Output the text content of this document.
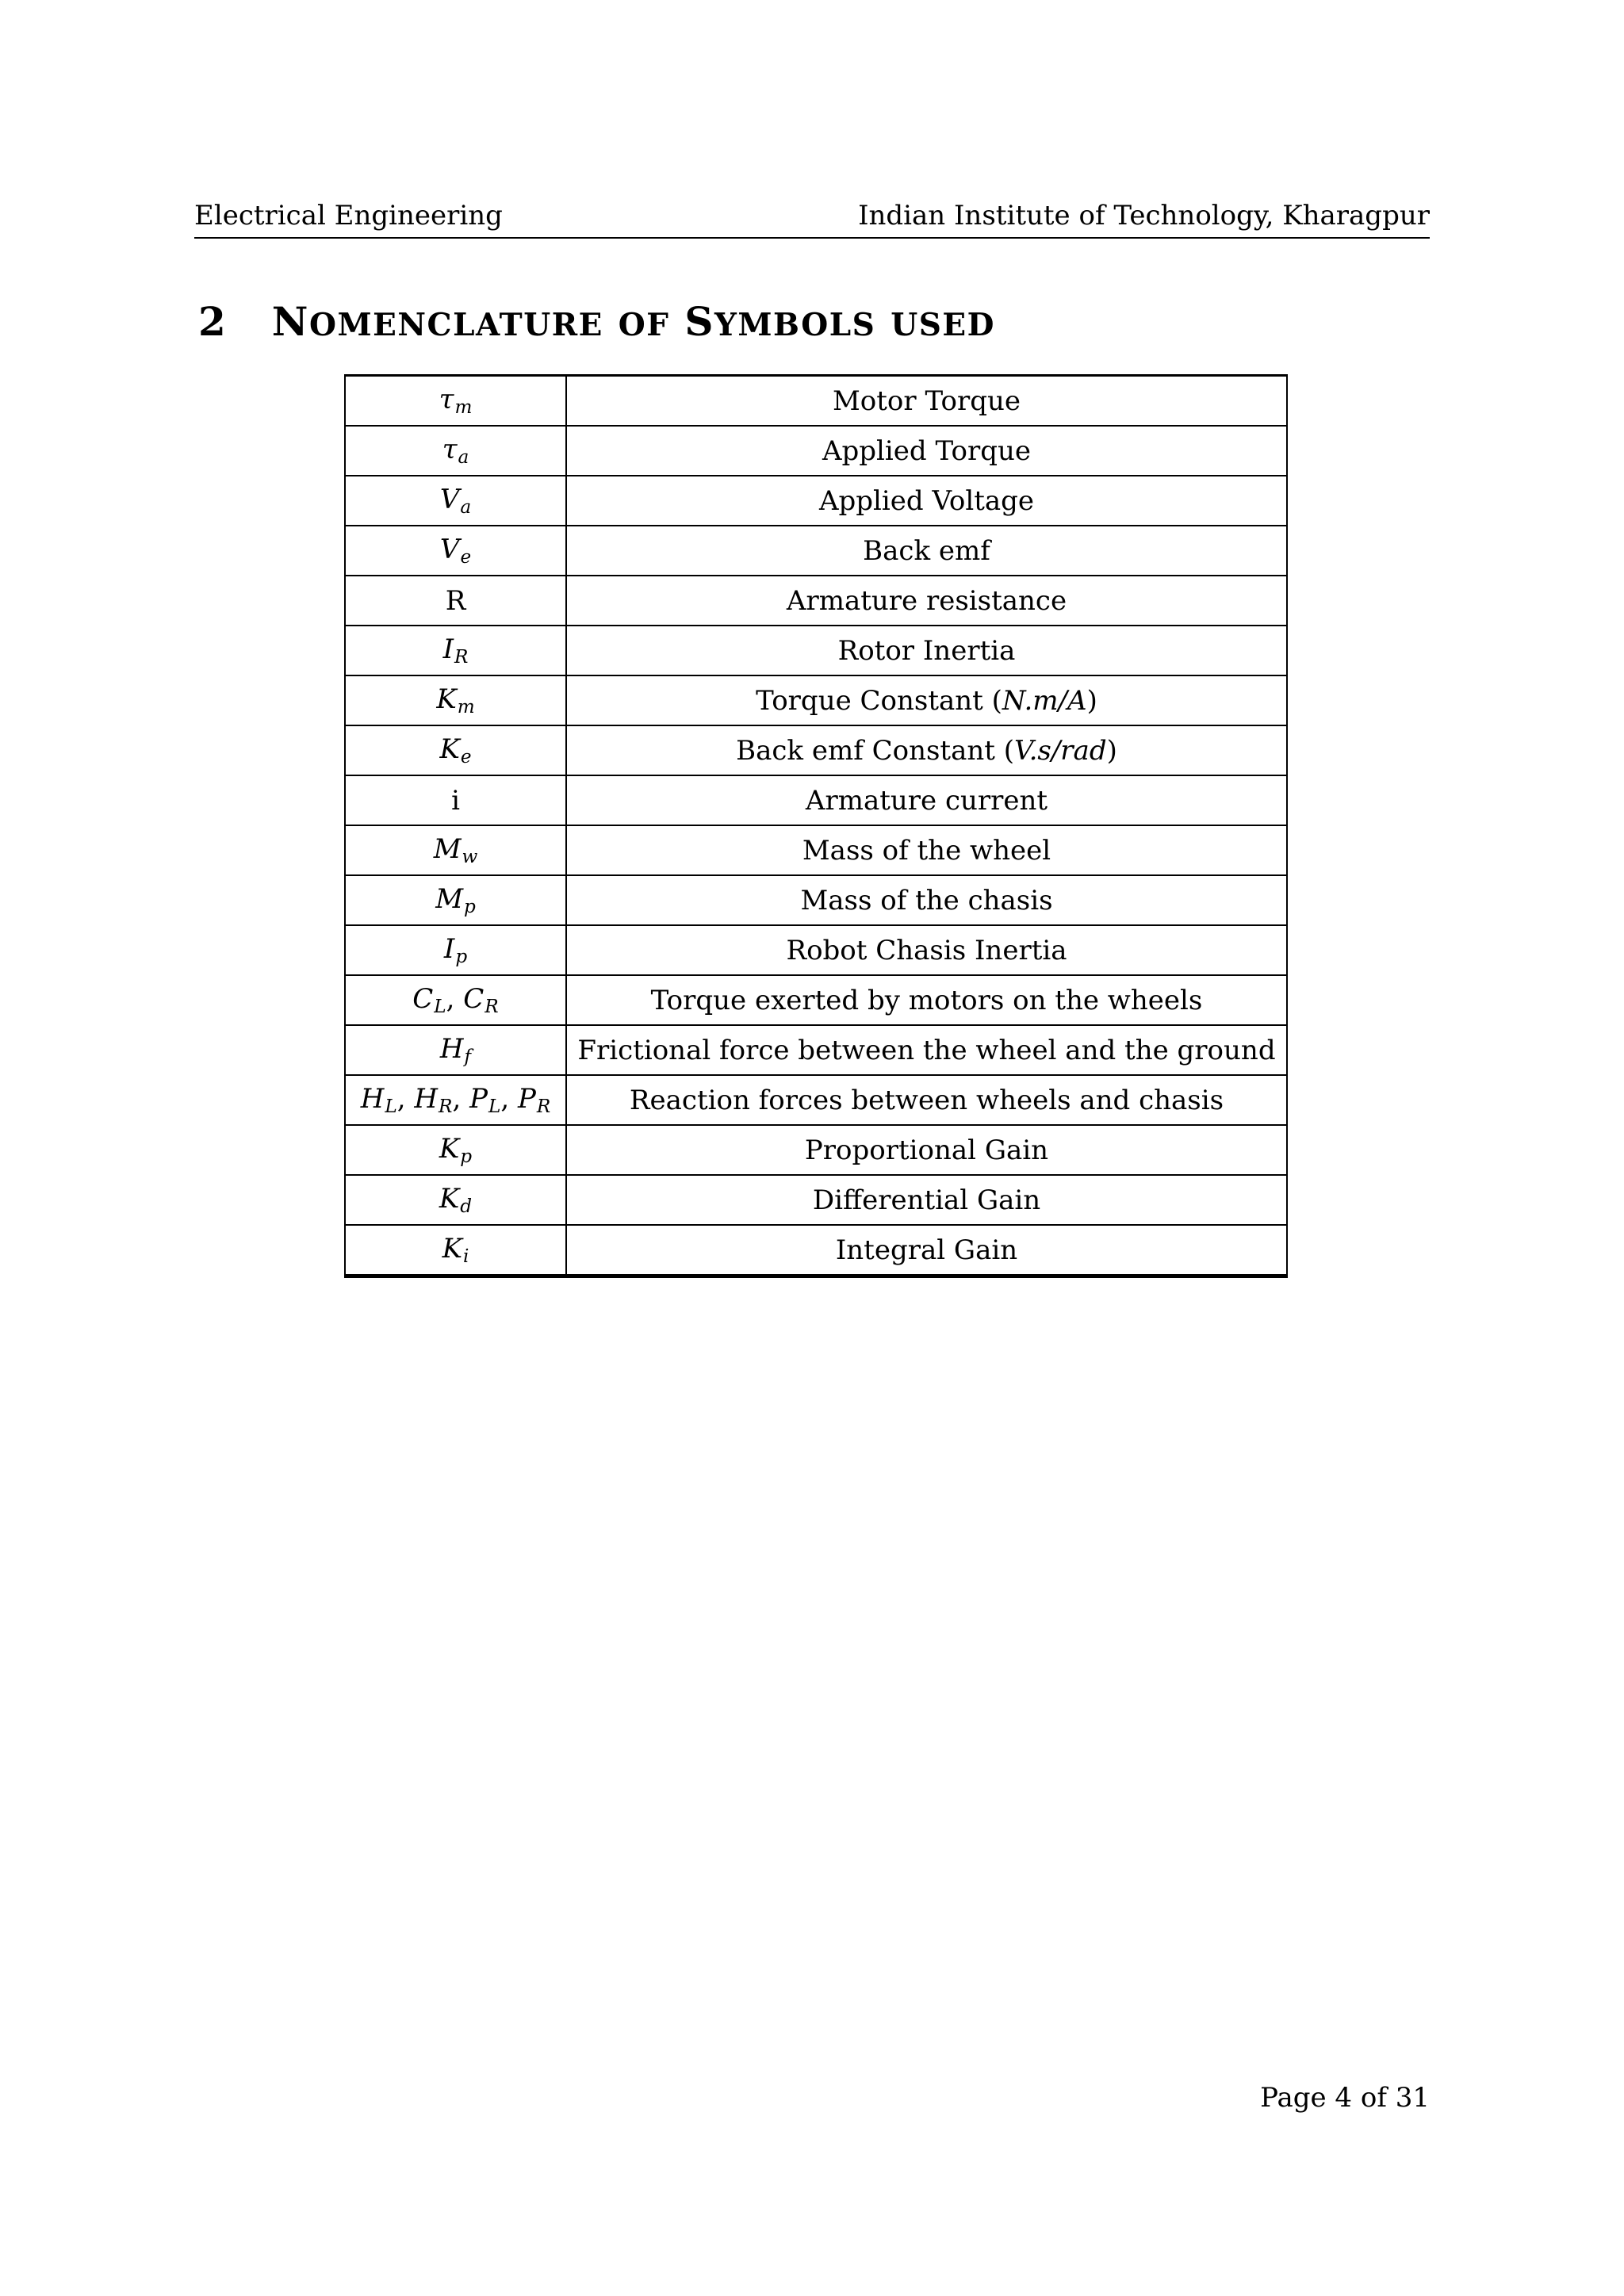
Electrical Engineering	Indian Institute of Technology, Kharagpur
2 NOMENCLATURE OF SYMBOLS USED
$\tau_m$	Motor Torque
$\tau_a$	Applied Torque
$V_a$	Applied Voltage
$V_e$	Back emf
R	Armature resistance
$I_R$	Rotor Inertia
$K_m$	Torque Constant (N.m/A)
$K_e$	Back emf Constant (V.s/rad)
i	Armature current
$M_w$	Mass of the wheel
$M_p$	Mass of the chasis
$I_p$	Robot Chasis Inertia
$C_L$, $C_R$	Torque exerted by motors on the wheels
$H_f$	Frictional force between the wheel and the ground
$H_L$, $H_R$, $P_L$, $P_R$	Reaction forces between wheels and chasis
$K_p$	Proportional Gain
$K_d$	Differential Gain
$K_i$	Integral Gain
Page 4 of 31
